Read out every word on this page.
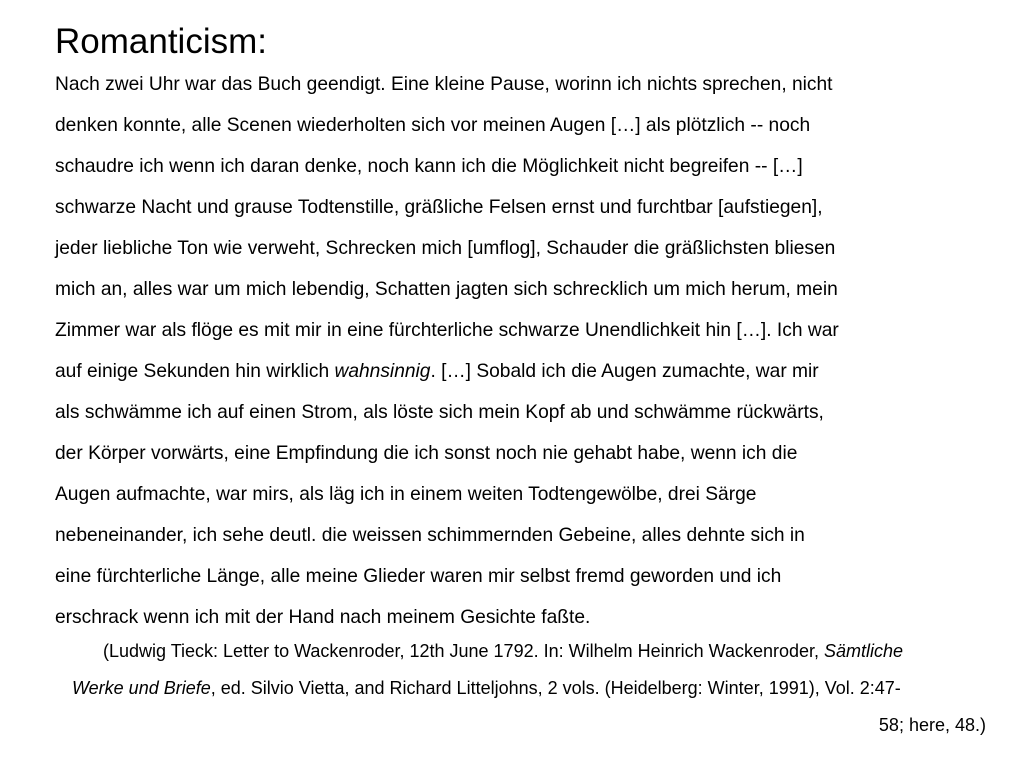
Romanticism:
Nach zwei Uhr war das Buch geendigt. Eine kleine Pause, worinn ich nichts sprechen, nicht
denken konnte, alle Scenen wiederholten sich vor meinen Augen […] als plötzlich -- noch
schaudre ich wenn ich daran denke, noch kann ich die Möglichkeit nicht begreifen -- […]
schwarze Nacht und grause Todtenstille, gräßliche Felsen ernst und furchtbar [aufstiegen],
jeder liebliche Ton wie verweht, Schrecken mich [umflog], Schauder die gräßlichsten bliesen
mich an, alles war um mich lebendig, Schatten jagten sich schrecklich um mich herum, mein
Zimmer war als flöge es mit mir in eine fürchterliche schwarze Unendlichkeit hin […]. Ich war
auf einige Sekunden hin wirklich wahnsinnig. […] Sobald ich die Augen zumachte, war mir
als schwämme ich auf einen Strom, als löste sich mein Kopf ab und schwämme rückwärts,
der Körper vorwärts, eine Empfindung die ich sonst noch nie gehabt habe, wenn ich die
Augen aufmachte, war mirs, als läg ich in einem weiten Todtengewölbe, drei Särge
nebeneinander, ich sehe deutl. die weissen schimmernden Gebeine, alles dehnte sich in
eine fürchterliche Länge, alle meine Glieder waren mir selbst fremd geworden und ich
erschrack wenn ich mit der Hand nach meinem Gesichte faßte.
(Ludwig Tieck: Letter to Wackenroder, 12th June 1792. In: Wilhelm Heinrich Wackenroder, Sämtliche
Werke und Briefe, ed. Silvio Vietta, and Richard Litteljohns, 2 vols. (Heidelberg: Winter, 1991), Vol. 2:47-
58; here, 48.)
